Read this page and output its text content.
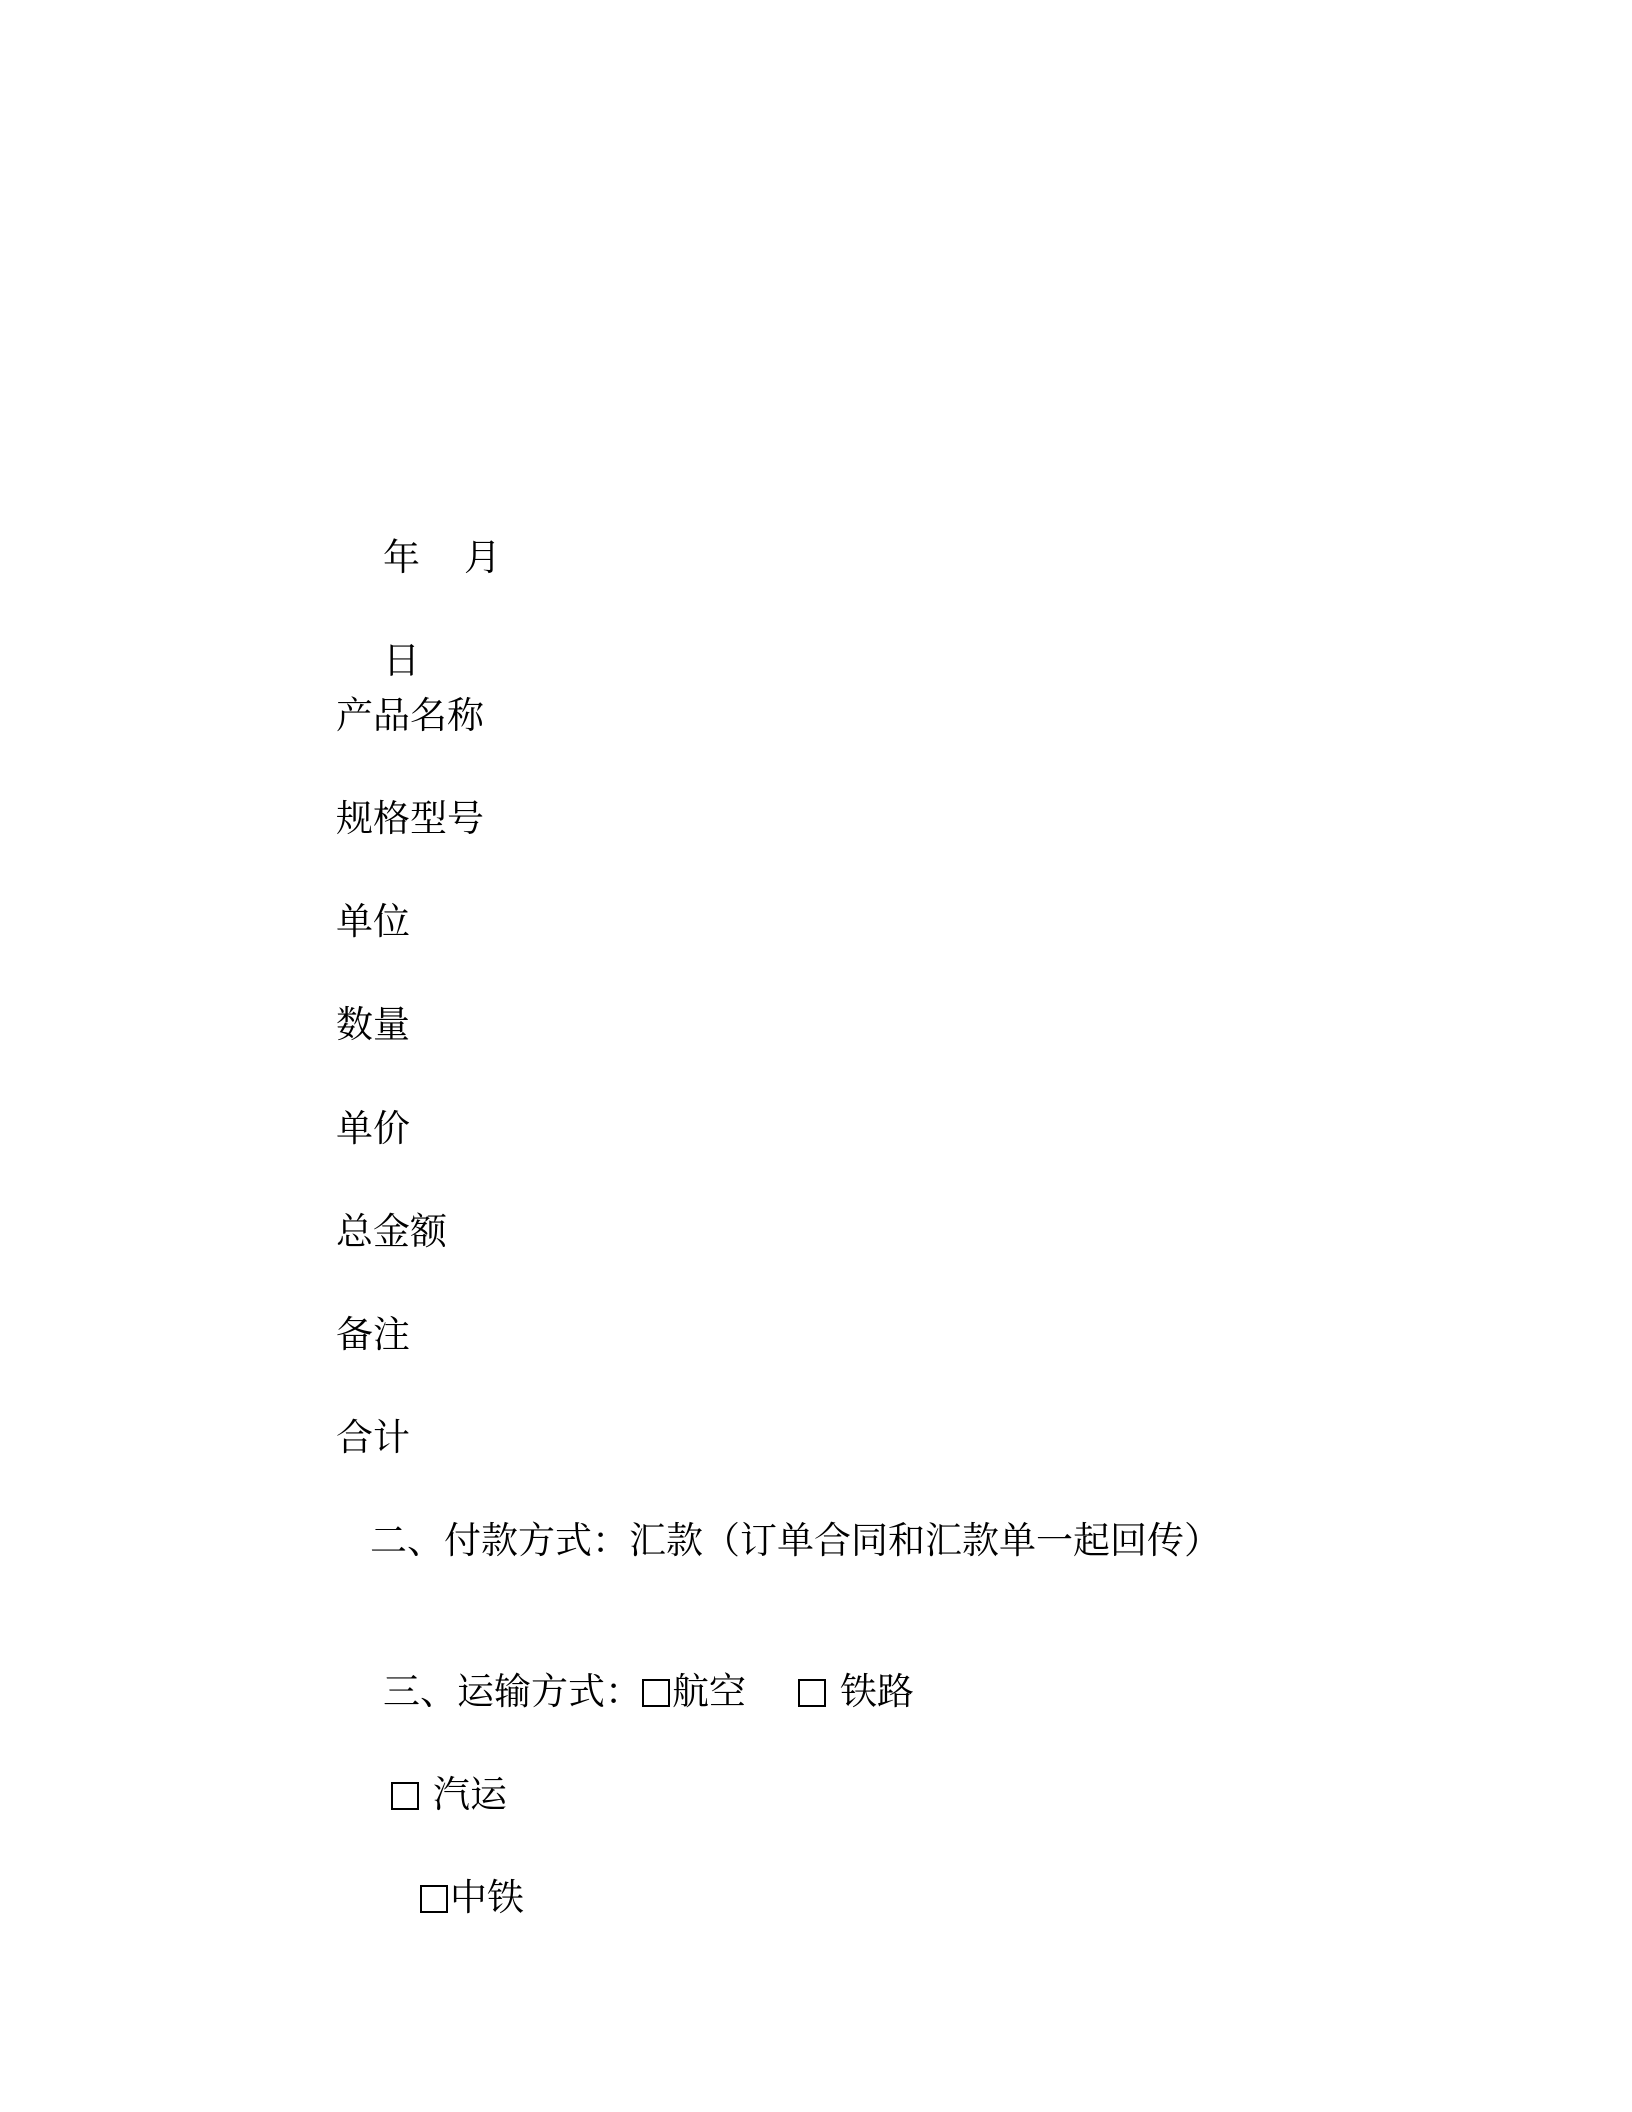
年 月

日

产品名称
规格型号
单位
数量
单价
总金额
备注
合计
二、付款方式：汇款（订单合同和汇款单一起回传）

三、运输方式： 航空	铁路

汽运

中铁
